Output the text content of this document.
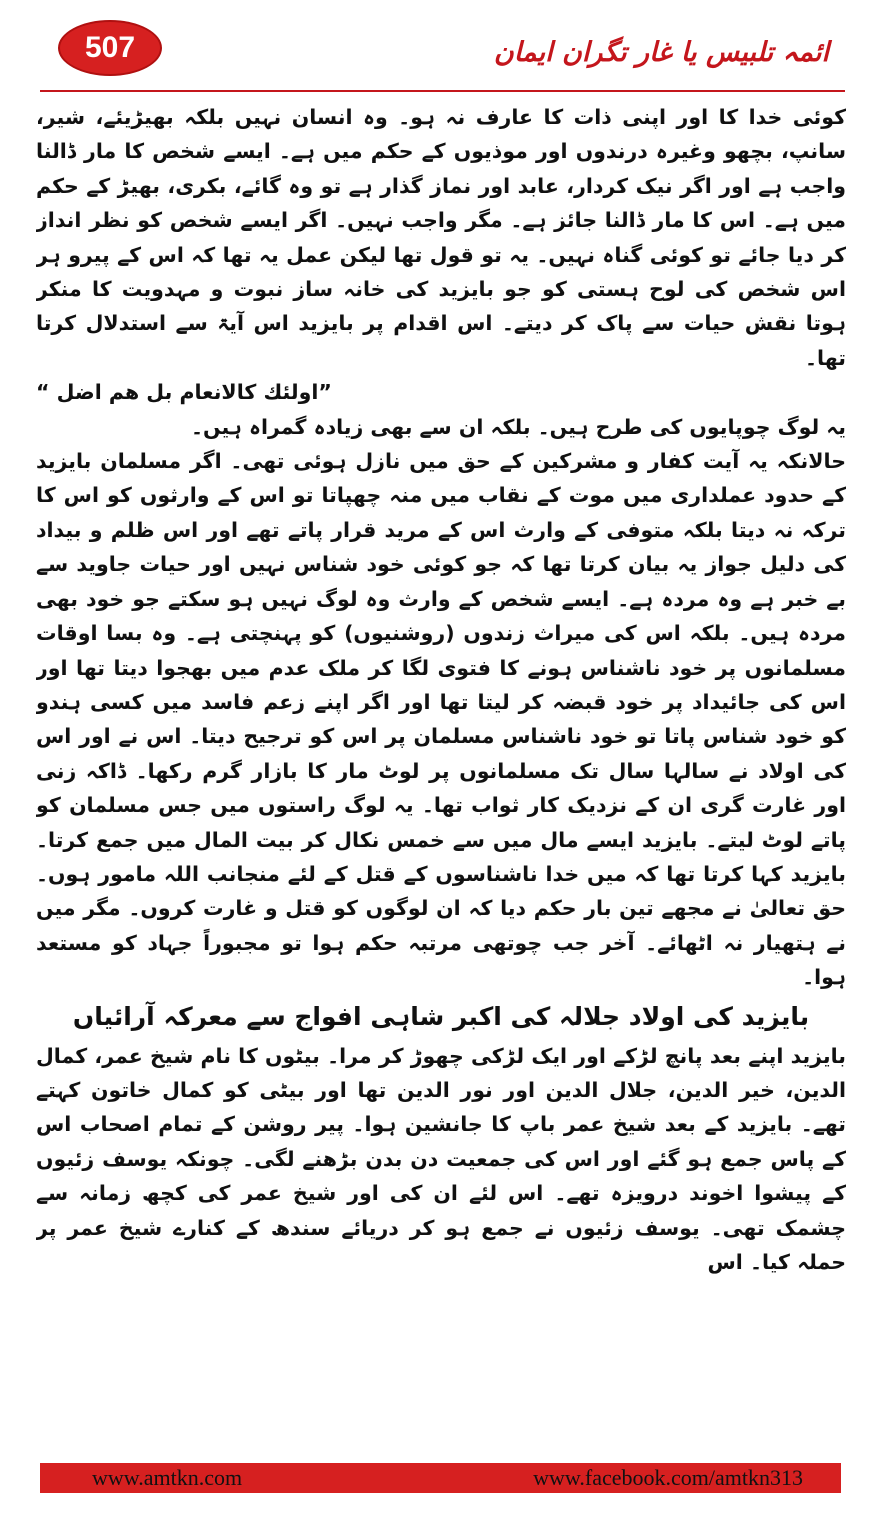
507	ائمہ تلبیس یا غار تگران ایمان

کوئی خدا کا اور اپنی ذات کا عارف نہ ہو۔ وہ انسان نہیں بلکہ بھیڑیئے، شیر، سانپ، بچھو وغیرہ درندوں اور موذیوں کے حکم میں ہے۔ ایسے شخص کا مار ڈالنا واجب ہے اور اگر نیک کردار، عابد اور نماز گذار ہے تو وہ گائے، بکری، بھیڑ کے حکم میں ہے۔ اس کا مار ڈالنا جائز ہے۔ مگر واجب نہیں۔ اگر ایسے شخص کو نظر انداز کر دیا جائے تو کوئی گناہ نہیں۔ یہ تو قول تھا لیکن عمل یہ تھا کہ اس کے پیرو ہر اس شخص کی لوح ہستی کو جو بایزید کی خانہ ساز نبوت و مہدویت کا منکر ہوتا نقش حیات سے پاک کر دیتے۔ اس اقدام پر بایزید اس آیۃ سے استدلال کرتا تھا۔

”اولئك كالانعام بل هم اضل “

یہ لوگ چوپایوں کی طرح ہیں۔ بلکہ ان سے بھی زیادہ گمراہ ہیں۔

حالانکہ یہ آیت کفار و مشرکین کے حق میں نازل ہوئی تھی۔ اگر مسلمان بایزید کے حدود عملداری میں موت کے نقاب میں منہ چھپاتا تو اس کے وارثوں کو اس کا ترکہ نہ دیتا بلکہ متوفی کے وارث اس کے مرید قرار پاتے تھے اور اس ظلم و بیداد کی دلیل جواز یہ بیان کرتا تھا کہ جو کوئی خود شناس نہیں اور حیات جاوید سے بے خبر ہے وہ مردہ ہے۔ ایسے شخص کے وارث وہ لوگ نہیں ہو سکتے جو خود بھی مردہ ہیں۔ بلکہ اس کی میراث زندوں (روشنیوں) کو پہنچتی ہے۔ وہ بسا اوقات مسلمانوں پر خود ناشناس ہونے کا فتوی لگا کر ملک عدم میں بھجوا دیتا تھا اور اس کی جائیداد پر خود قبضہ کر لیتا تھا اور اگر اپنے زعم فاسد میں کسی ہندو کو خود شناس پاتا تو خود ناشناس مسلمان پر اس کو ترجیح دیتا۔ اس نے اور اس کی اولاد نے سالہا سال تک مسلمانوں پر لوٹ مار کا بازار گرم رکھا۔ ڈاکہ زنی اور غارت گری ان کے نزدیک کار ثواب تھا۔ یہ لوگ راستوں میں جس مسلمان کو پاتے لوٹ لیتے۔ بایزید ایسے مال میں سے خمس نکال کر بیت المال میں جمع کرتا۔ بایزید کہا کرتا تھا کہ میں خدا ناشناسوں کے قتل کے لئے منجانب اللہ مامور ہوں۔ حق تعالیٰ نے مجھے تین بار حکم دیا کہ ان لوگوں کو قتل و غارت کروں۔ مگر میں نے ہتھیار نہ اٹھائے۔ آخر جب چوتھی مرتبہ حکم ہوا تو مجبوراً جہاد کو مستعد ہوا۔

بایزید کی اولاد جلالہ کی اکبر شاہی افواج سے معرکہ آرائیاں

بایزید اپنے بعد پانچ لڑکے اور ایک لڑکی چھوڑ کر مرا۔ بیٹوں کا نام شیخ عمر، کمال الدین، خیر الدین، جلال الدین اور نور الدین تھا اور بیٹی کو کمال خاتون کہتے تھے۔ بایزید کے بعد شیخ عمر باپ کا جانشین ہوا۔ پیر روشن کے تمام اصحاب اس کے پاس جمع ہو گئے اور اس کی جمعیت دن بدن بڑھنے لگی۔ چونکہ یوسف زئیوں کے پیشوا اخوند درویزہ تھے۔ اس لئے ان کی اور شیخ عمر کی کچھ زمانہ سے چشمک تھی۔ یوسف زئیوں نے جمع ہو کر دریائے سندھ کے کنارے شیخ عمر پر حملہ کیا۔ اس

www.amtkn.com	www.facebook.com/amtkn313
